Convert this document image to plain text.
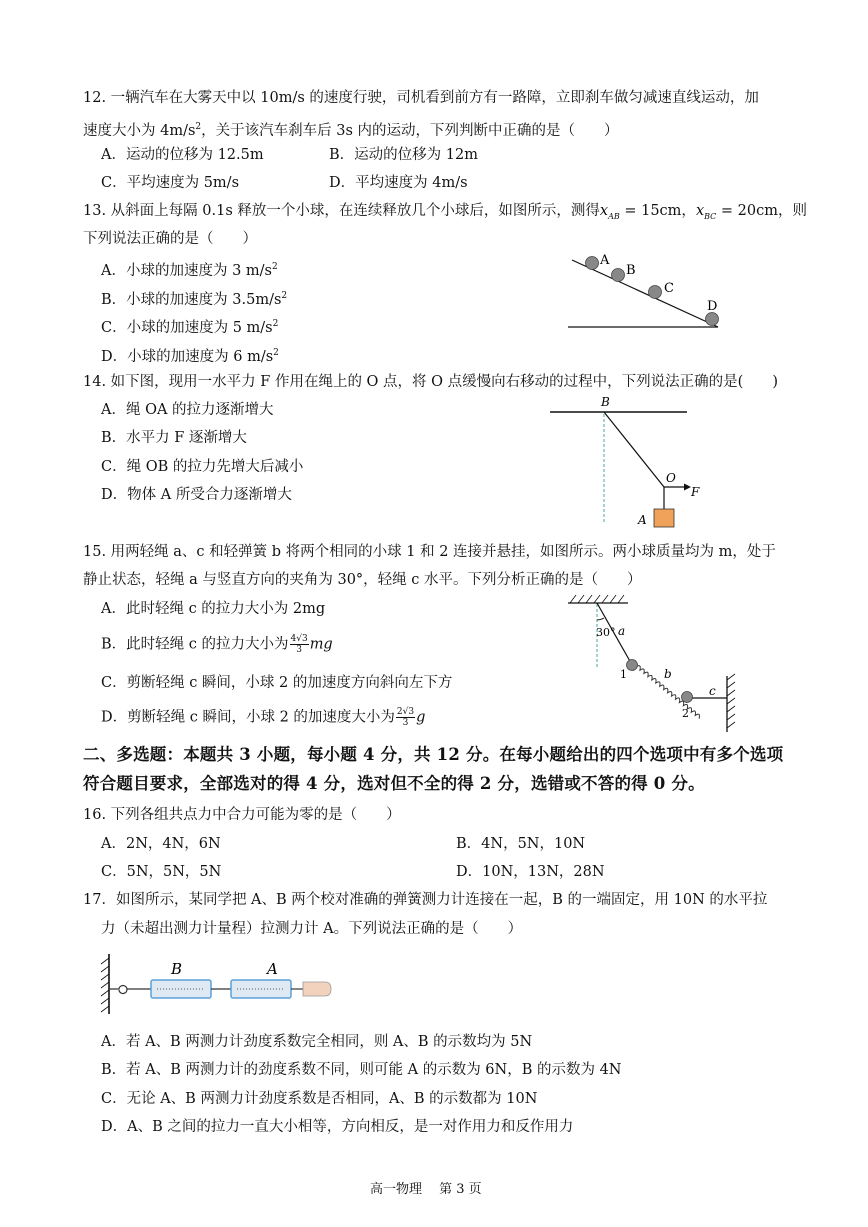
12. 一辆汽车在大雾天中以 10m/s 的速度行驶，司机看到前方有一路障，立即刹车做匀减速直线运动，加
速度大小为 $4m/s^2$，关于该汽车刹车后 3s 内的运动，下列判断中正确的是（　　）
A．运动的位移为 12.5m	B．运动的位移为 12m
C．平均速度为 5m/s	D．平均速度为 4m/s
13. 从斜面上每隔 0.1s 释放一个小球，在连续释放几个小球后，如图所示，测得$x_{AB} = 15cm$，$x_{BC} = 20cm$，则
下列说法正确的是（　　）
A．小球的加速度为 3 $m/s^2$
B．小球的加速度为 $3.5m/s^2$
C．小球的加速度为 5 $m/s^2$
D．小球的加速度为 6 $m/s^2$
A
B
C
D
14. 如下图，现用一水平力 F 作用在绳上的 O 点，将 O 点缓慢向右移动的过程中，下列说法正确的是(　　)
A．绳 OA 的拉力逐渐增大
B．水平力 F 逐渐增大
C．绳 OB 的拉力先增大后减小
D．物体 A 所受合力逐渐增大
B
O
F
A
15. 用两轻绳 a、c 和轻弹簧 b 将两个相同的小球 1 和 2 连接并悬挂，如图所示。两小球质量均为 m，处于
静止状态，轻绳 a 与竖直方向的夹角为 30°，轻绳 c 水平。下列分析正确的是（　　）
A．此时轻绳 c 的拉力大小为 2mg
B．此时轻绳 c 的拉力大小为 $\frac{4√3}{3}$ mg
C．剪断轻绳 c 瞬间，小球 2 的加速度方向斜向左下方
D．剪断轻绳 c 瞬间，小球 2 的加速度大小为 $\frac{2√3}{3}$ g
30° a
b
c
1
2
二、多选题：本题共 3 小题，每小题 4 分，共 12 分。在每小题给出的四个选项中有多个选项
符合题目要求，全部选对的得 4 分，选对但不全的得 2 分，选错或不答的得 0 分。
16. 下列各组共点力中合力可能为零的是（　　）
A．2N，4N，6N	B．4N，5N，10N
C．5N，5N，5N	D．10N，13N，28N
17．如图所示，某同学把 A、B 两个校对准确的弹簧测力计连接在一起，B 的一端固定，用 10N 的水平拉
力（未超出测力计量程）拉测力计 A。下列说法正确的是（　　）
B	A
A．若 A、B 两测力计劲度系数完全相同，则 A、B 的示数均为 5N
B．若 A、B 两测力计的劲度系数不同，则可能 A 的示数为 6N，B 的示数为 4N
C．无论 A、B 两测力计劲度系数是否相同，A、B 的示数都为 10N
D．A、B 之间的拉力一直大小相等，方向相反，是一对作用力和反作用力
高一物理　 第 3 页
